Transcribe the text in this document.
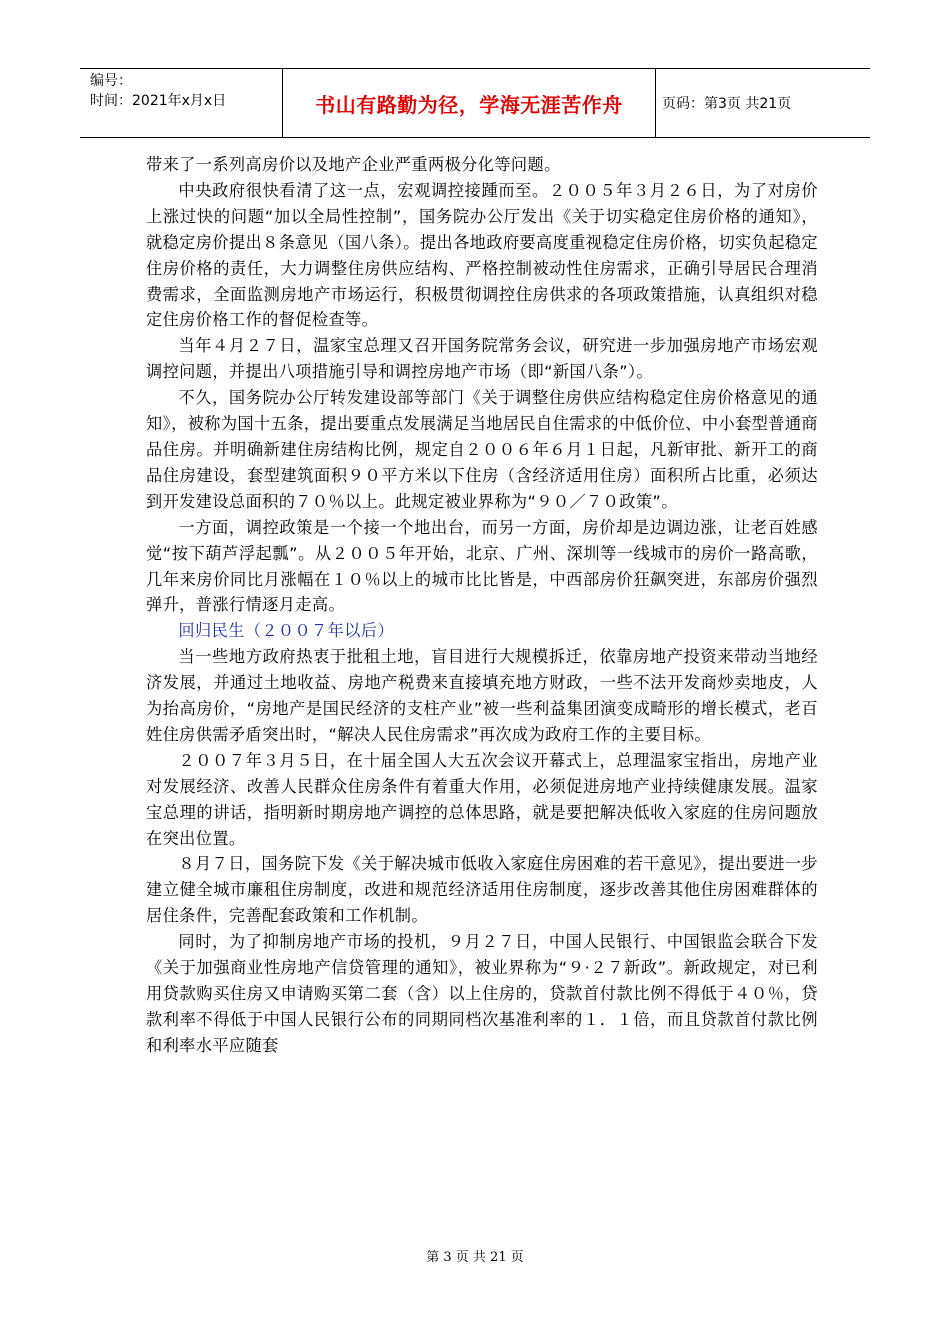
编号：
时间：2021年x月x日	书山有路勤为径，学海无涯苦作舟	页码：第3页 共21页

带来了一系列高房价以及地产企业严重两极分化等问题。

中央政府很快看清了这一点，宏观调控接踵而至。２００５年３月２６日，为了对房价上涨过快的问题“加以全局性控制”，国务院办公厅发出《关于切实稳定住房价格的通知》，就稳定房价提出８条意见（国八条）。提出各地政府要高度重视稳定住房价格，切实负起稳定住房价格的责任，大力调整住房供应结构、严格控制被动性住房需求，正确引导居民合理消费需求，全面监测房地产市场运行，积极贯彻调控住房供求的各项政策措施，认真组织对稳定住房价格工作的督促检查等。

当年４月２７日，温家宝总理又召开国务院常务会议，研究进一步加强房地产市场宏观调控问题，并提出八项措施引导和调控房地产市场（即“新国八条”）。

不久，国务院办公厅转发建设部等部门《关于调整住房供应结构稳定住房价格意见的通知》，被称为国十五条，提出要重点发展满足当地居民自住需求的中低价位、中小套型普通商品住房。并明确新建住房结构比例，规定自２００６年６月１日起，凡新审批、新开工的商品住房建设，套型建筑面积９０平方米以下住房（含经济适用住房）面积所占比重，必须达到开发建设总面积的７０％以上。此规定被业界称为“９０／７０政策”。

一方面，调控政策是一个接一个地出台，而另一方面，房价却是边调边涨，让老百姓感觉“按下葫芦浮起瓢”。从２００５年开始，北京、广州、深圳等一线城市的房价一路高歌，几年来房价同比月涨幅在１０％以上的城市比比皆是，中西部房价狂飙突进，东部房价强烈弹升，普涨行情逐月走高。

回归民生（２００７年以后）

当一些地方政府热衷于批租土地，盲目进行大规模拆迁，依靠房地产投资来带动当地经济发展，并通过土地收益、房地产税费来直接填充地方财政，一些不法开发商炒卖地皮，人为抬高房价，“房地产是国民经济的支柱产业”被一些利益集团演变成畸形的增长模式，老百姓住房供需矛盾突出时，“解决人民住房需求”再次成为政府工作的主要目标。

２００７年３月５日，在十届全国人大五次会议开幕式上，总理温家宝指出，房地产业对发展经济、改善人民群众住房条件有着重大作用，必须促进房地产业持续健康发展。温家宝总理的讲话，指明新时期房地产调控的总体思路，就是要把解决低收入家庭的住房问题放在突出位置。

８月７日，国务院下发《关于解决城市低收入家庭住房困难的若干意见》，提出要进一步建立健全城市廉租住房制度，改进和规范经济适用住房制度，逐步改善其他住房困难群体的居住条件，完善配套政策和工作机制。

同时，为了抑制房地产市场的投机，９月２７日，中国人民银行、中国银监会联合下发《关于加强商业性房地产信贷管理的通知》，被业界称为“９·２７新政”。新政规定，对已利用贷款购买住房又申请购买第二套（含）以上住房的，贷款首付款比例不得低于４０％，贷款利率不得低于中国人民银行公布的同期同档次基准利率的１．１倍，而且贷款首付款比例和利率水平应随套

第 3 页 共 21 页
